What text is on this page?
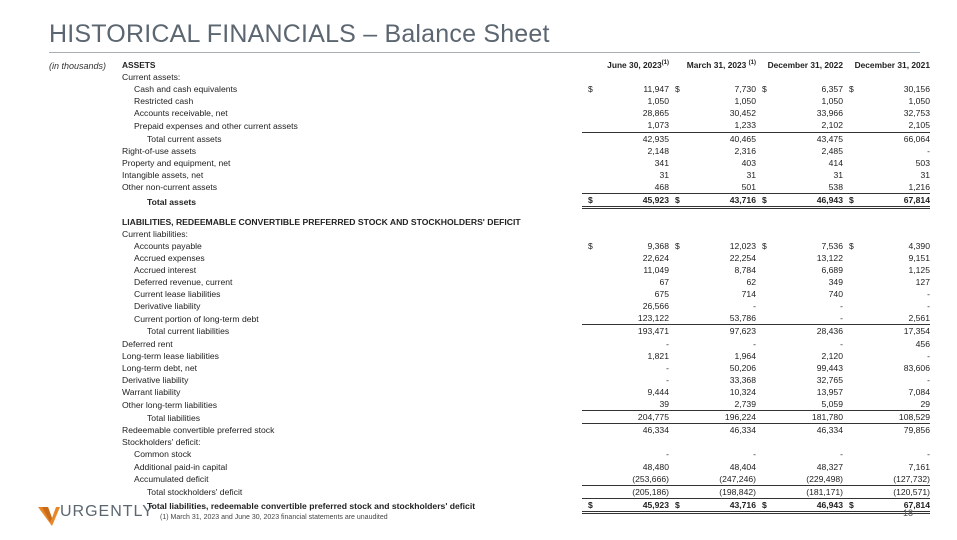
HISTORICAL FINANCIALS – Balance Sheet
(in thousands) ASSETS	June 30, 2023$^{(1)}$	March 31, 2023 $^{(1)}$	December 31, 2022	December 31, 2021
Current assets:				
Cash and cash equivalents	$ 11,947	$ 7,730	$ 6,357	$ 30,156
Restricted cash	1,050	1,050	1,050	1,050
Accounts receivable, net	28,865	30,452	33,966	32,753
Prepaid expenses and other current assets	1,073	1,233	2,102	2,105
Total current assets	42,935	40,465	43,475	66,064
Right-of-use assets	2,148	2,316	2,485	-
Property and equipment, net	341	403	414	503
Intangible assets, net	31	31	31	31
Other non-current assets	468	501	538	1,216
Total assets	$ 45,923	$ 43,716	$ 46,943	$ 67,814

LIABILITIES, REDEEMABLE CONVERTIBLE PREFERRED STOCK AND STOCKHOLDERS' DEFICIT				
Current liabilities:				
Accounts payable	$ 9,368	$ 12,023	$ 7,536	$ 4,390
Accrued expenses	22,624	22,254	13,122	9,151
Accrued interest	11,049	8,784	6,689	1,125
Deferred revenue, current	67	62	349	127
Current lease liabilities	675	714	740	-
Derivative liability	26,566	-	-	-
Current portion of long-term debt	123,122	53,786	-	2,561
Total current liabilities	193,471	97,623	28,436	17,354
Deferred rent	-	-	-	456
Long-term lease liabilities	1,821	1,964	2,120	-
Long-term debt, net	-	50,206	99,443	83,606
Derivative liability	-	33,368	32,765	-
Warrant liability	9,444	10,324	13,957	7,084
Other long-term liabilities	39	2,739	5,059	29
Total liabilities	204,775	196,224	181,780	108,529
Redeemable convertible preferred stock	46,334	46,334	46,334	79,856
Stockholders' deficit:				
Common stock	-	-	-	-
Additional paid-in capital	48,480	48,404	48,327	7,161
Accumulated deficit	(253,666)	(247,246)	(229,498)	(127,732)
Total stockholders' deficit	(205,186)	(198,842)	(181,171)	(120,571)
Total liabilities, redeemable convertible preferred stock and stockholders' deficit	$ 45,923	$ 43,716	$ 46,943	$ 67,814
URGENTLY (1) March 31, 2023 and June 30, 2023 financial statements are unaudited	18
